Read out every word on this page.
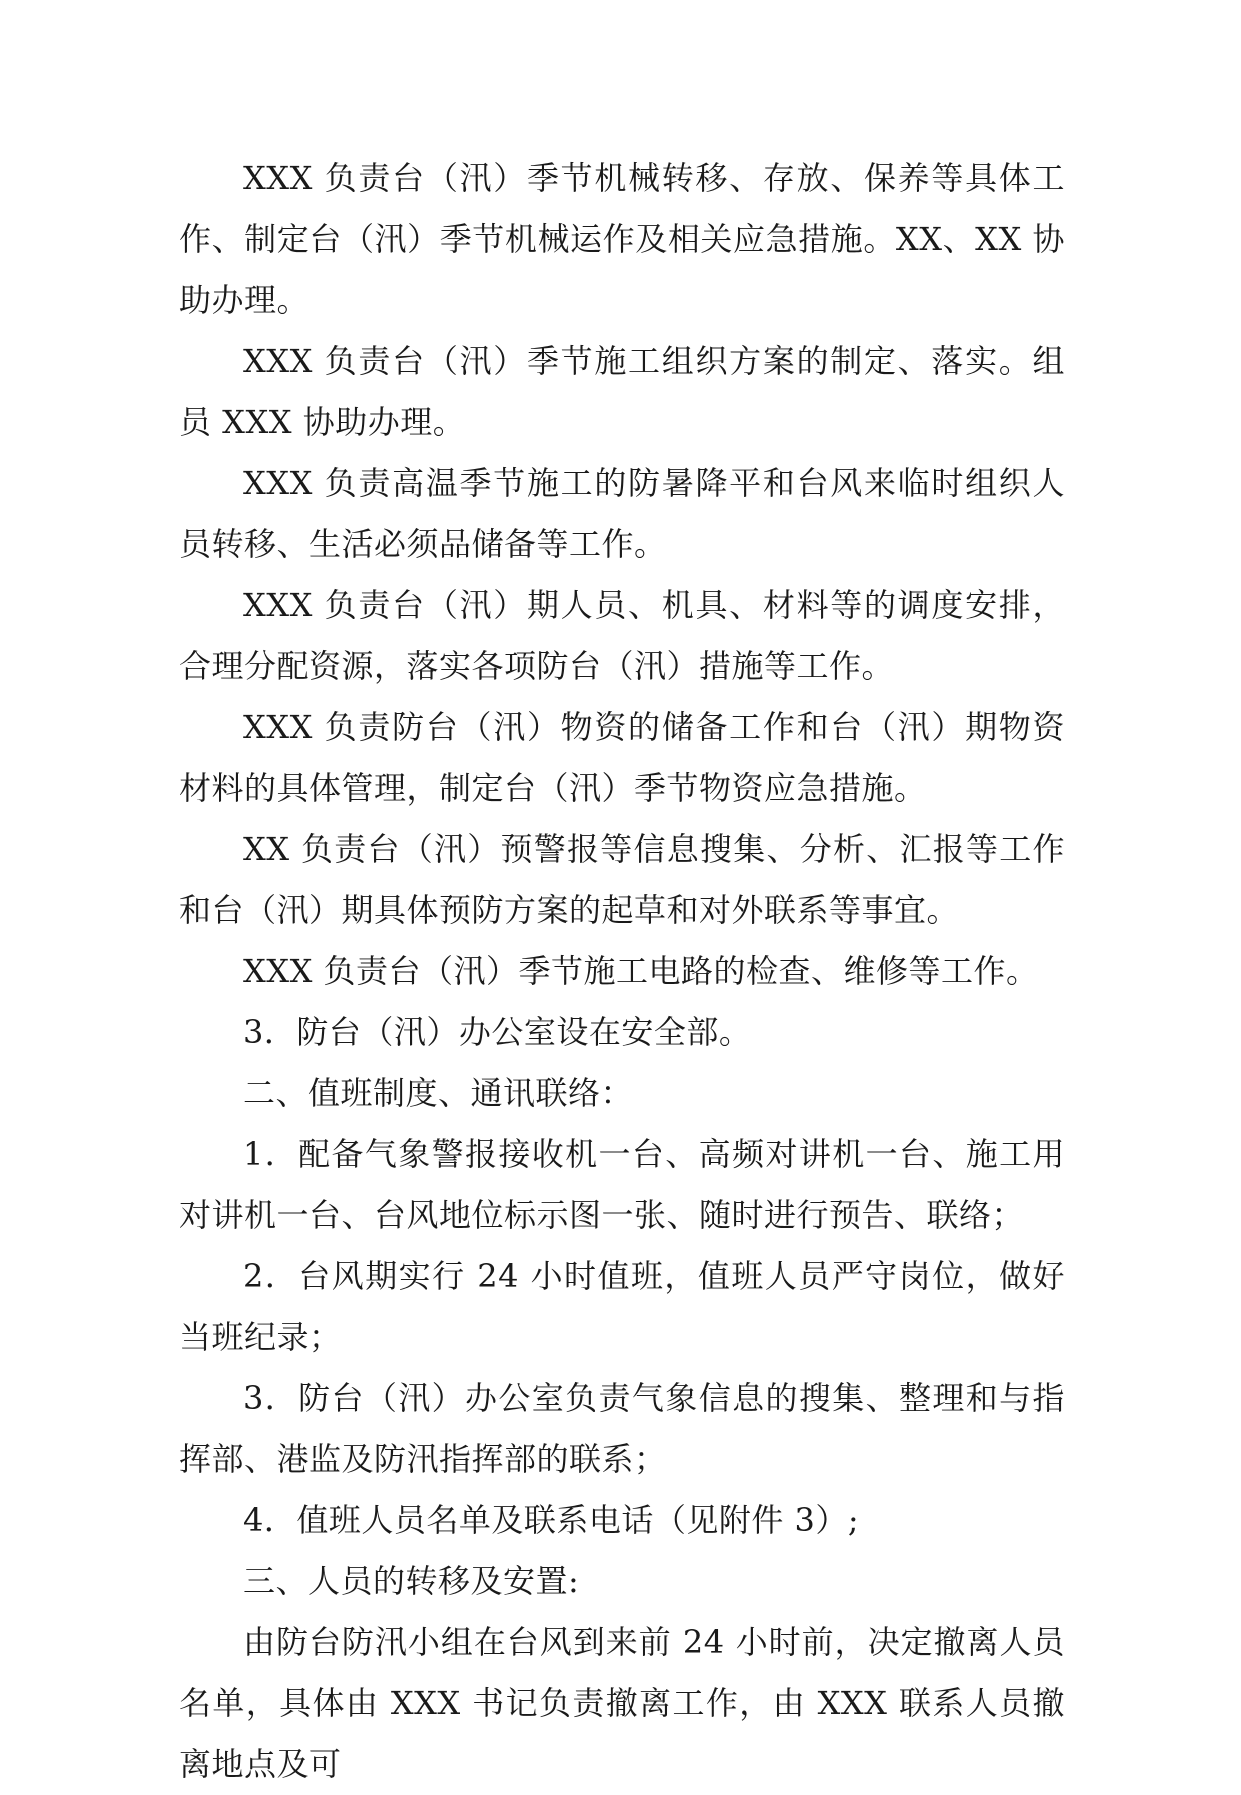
XXX 负责台（汛）季节机械转移、存放、保养等具体工作、制定台（汛）季节机械运作及相关应急措施。XX、XX 协助办理。

XXX 负责台（汛）季节施工组织方案的制定、落实。组员 XXX 协助办理。

XXX 负责高温季节施工的防暑降平和台风来临时组织人员转移、生活必须品储备等工作。

XXX 负责台（汛）期人员、机具、材料等的调度安排，合理分配资源，落实各项防台（汛）措施等工作。

XXX 负责防台（汛）物资的储备工作和台（汛）期物资材料的具体管理，制定台（汛）季节物资应急措施。

XX 负责台（汛）预警报等信息搜集、分析、汇报等工作和台（汛）期具体预防方案的起草和对外联系等事宜。

XXX 负责台（汛）季节施工电路的检查、维修等工作。

3．防台（汛）办公室设在安全部。

二、值班制度、通讯联络：

1．配备气象警报接收机一台、高频对讲机一台、施工用对讲机一台、台风地位标示图一张、随时进行预告、联络；

2．台风期实行 24 小时值班，值班人员严守岗位，做好当班纪录；

3．防台（汛）办公室负责气象信息的搜集、整理和与指挥部、港监及防汛指挥部的联系；

4．值班人员名单及联系电话（见附件 3）;

三、人员的转移及安置:

由防台防汛小组在台风到来前 24 小时前，决定撤离人员名单，具体由 XXX 书记负责撤离工作，由 XXX 联系人员撤离地点及可
